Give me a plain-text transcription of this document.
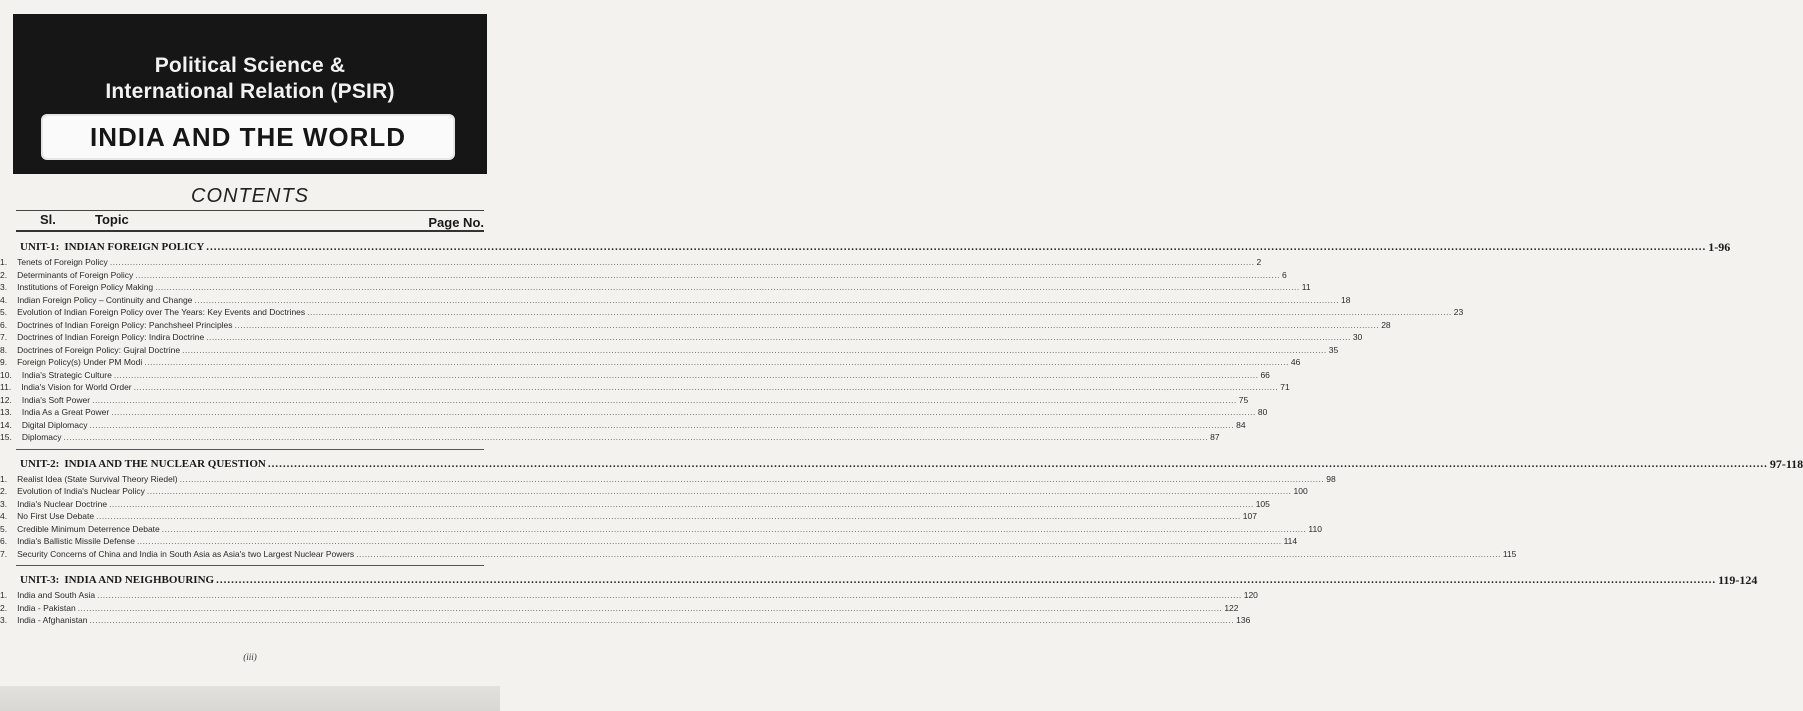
Political Science &
International Relation (PSIR)
INDIA AND THE WORLD
CONTENTS
Sl.	Topic	Page No.
UNIT-1: INDIAN FOREIGN POLICY ................................................................................................................................................................................................................................................................................................................................................................................................................ 1-96
1.	Tenets of Foreign Policy ................................................................................................................................................................................................................................................................................................................................................................................................................ 2
2.	Determinants of Foreign Policy ................................................................................................................................................................................................................................................................................................................................................................................................................ 6
3.	Institutions of Foreign Policy Making ................................................................................................................................................................................................................................................................................................................................................................................................................ 11
4.	Indian Foreign Policy – Continuity and Change ................................................................................................................................................................................................................................................................................................................................................................................................................ 18
5.	Evolution of Indian Foreign Policy over The Years: Key Events and Doctrines ................................................................................................................................................................................................................................................................................................................................................................................................................ 23
6.	Doctrines of Indian Foreign Policy: Panchsheel Principles ................................................................................................................................................................................................................................................................................................................................................................................................................ 28
7.	Doctrines of Indian Foreign Policy: Indira Doctrine ................................................................................................................................................................................................................................................................................................................................................................................................................ 30
8.	Doctrines of Foreign Policy: Gujral Doctrine ................................................................................................................................................................................................................................................................................................................................................................................................................ 35
9.	Foreign Policy(s) Under PM Modi ................................................................................................................................................................................................................................................................................................................................................................................................................ 46
10.	India's Strategic Culture ................................................................................................................................................................................................................................................................................................................................................................................................................ 66
11.	India's Vision for World Order ................................................................................................................................................................................................................................................................................................................................................................................................................ 71
12.	India's Soft Power ................................................................................................................................................................................................................................................................................................................................................................................................................ 75
13.	India As a Great Power ................................................................................................................................................................................................................................................................................................................................................................................................................ 80
14.	Digital Diplomacy ................................................................................................................................................................................................................................................................................................................................................................................................................ 84
15.	Diplomacy ................................................................................................................................................................................................................................................................................................................................................................................................................ 87
UNIT-2: INDIA AND THE NUCLEAR QUESTION ................................................................................................................................................................................................................................................................................................................................................................................................................ 97-118
1.	Realist Idea (State Survival Theory Riedel) ................................................................................................................................................................................................................................................................................................................................................................................................................ 98
2.	Evolution of India's Nuclear Policy ................................................................................................................................................................................................................................................................................................................................................................................................................ 100
3.	India's Nuclear Doctrine ................................................................................................................................................................................................................................................................................................................................................................................................................ 105
4.	No First Use Debate ................................................................................................................................................................................................................................................................................................................................................................................................................ 107
5.	Credible Minimum Deterrence Debate ................................................................................................................................................................................................................................................................................................................................................................................................................ 110
6.	India's Ballistic Missile Defense ................................................................................................................................................................................................................................................................................................................................................................................................................ 114
7.	Security Concerns of China and India in South Asia as Asia's two Largest Nuclear Powers ................................................................................................................................................................................................................................................................................................................................................................................................................ 115
UNIT-3: INDIA AND NEIGHBOURING ................................................................................................................................................................................................................................................................................................................................................................................................................ 119-124
1.	India and South Asia ................................................................................................................................................................................................................................................................................................................................................................................................................ 120
2.	India - Pakistan ................................................................................................................................................................................................................................................................................................................................................................................................................ 122
3.	India - Afghanistan ................................................................................................................................................................................................................................................................................................................................................................................................................ 136
(iii)
